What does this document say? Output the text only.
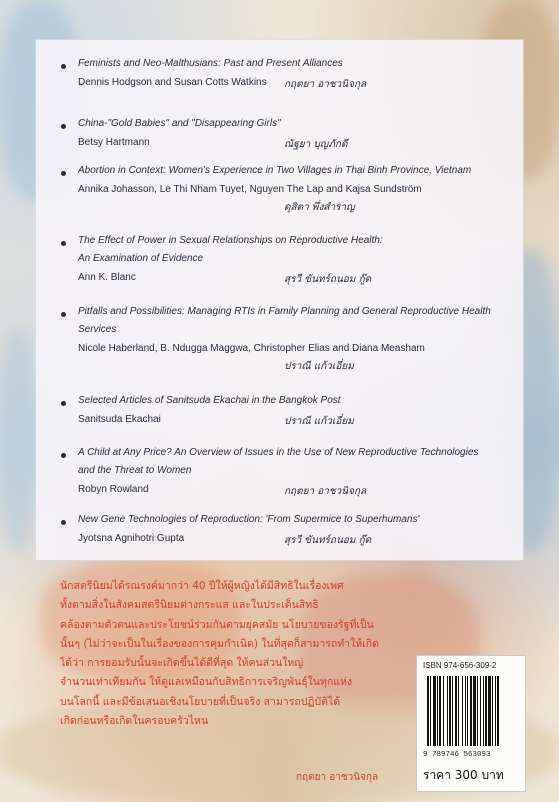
Feminists and Neo-Malthusians: Past and Present Alliances
Dennis Hodgson and Susan Cotts Watkins กฤตยา อาชวนิจกุล
China-"Gold Babies" and "Disappearing Girls"
Betsy Hartmann	ณัฐยา บุญภักดี
Abortion in Context: Women's Experience in Two Villages in Thai Binh Province, Vietnam
Annika Johasson, Le Thi Nham Tuyet, Nguyen The Lap and Kajsa Sundström
ดุสิตา พึ่งสำราญ
The Effect of Power in Sexual Relationships on Reproductive Health:
An Examination of Evidence
Ann K. Blanc	สุรวี ขันทร์ถนอม กู๊ด
Pitfalls and Possibilities: Managing RTIs in Family Planning and General Reproductive Health
Services
Nicole Haberland, B. Ndugga Maggwa, Christopher Elias and Diana Measham
ปราณี แก้วเอี่ยม
Selected Articles of Sanitsuda Ekachai in the Bangkok Post
Sanitsuda Ekachai	ปราณี แก้วเอี่ยม
A Child at Any Price? An Overview of Issues in the Use of New Reproductive Technologies
and the Threat to Women
Robyn Rowland	กฤตยา อาชวนิจกุล
New Gene Technologies of Reproduction: 'From Supermice to Superhumans'
Jyotsna Agnihotri Gupta	สุรวี ขันทร์ถนอม กู๊ด
นักสตรีนิยมได้รณรงค์มากว่า 40 ปีให้ผู้หญิงได้มีสิทธิในเรื่องเพศ
ทั้งตามสิ่งในสังคมสตรีนิยมต่างกระแส และในประเด็นสิทธิ
คล้องตามตัวตนและประโยชน์ร่วมกันตามยุคสมัย นโยบายของรัฐที่เป็น
นั้นๆ (ไม่ว่าจะเป็นในเรื่องของการคุมกำเนิด) ในที่สุดก็สามารถทำให้เกิด
ได้ว่า การยอมรับนั้นจะเกิดขึ้นได้ดีที่สุด ให้คนส่วนใหญ่
จำนวนเท่าเทียมกัน ให้ดูแลเหมือนกับสิทธิการเจริญพันธุ์ในทุกแห่ง
บนโลกนี้ และมีข้อเสนอเชิงนโยบายที่เป็นจริง สามารถปฏิบัติได้
เกิดก่อนหรือเกิดในครอบครัวไหน
กฤตยา อาชวนิจกุล
ISBN 974-656-309-2
9 789746 563093
ราคา 300 บาท
